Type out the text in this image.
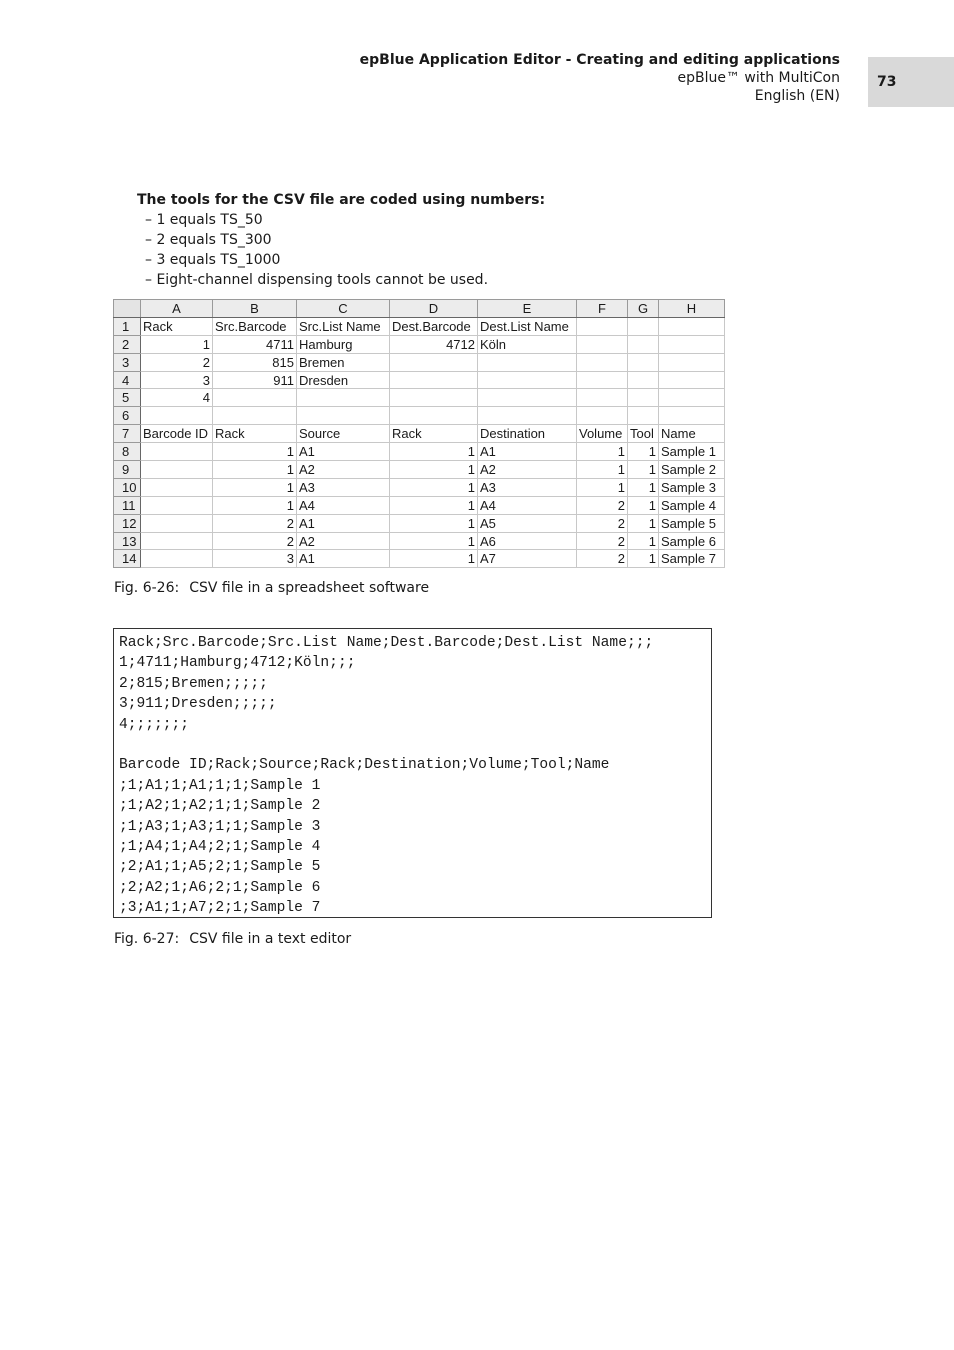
epBlue Application Editor - Creating and editing applications
epBlue™ with MultiCon
English (EN)
73
The tools for the CSV file are coded using numbers:
– 1 equals TS_50
– 2 equals TS_300
– 3 equals TS_1000
– Eight-channel dispensing tools cannot be used.
	A	B	C	D	E	F	G	H
1	Rack	Src.Barcode	Src.List Name	Dest.Barcode	Dest.List Name			
2	1	4711	Hamburg	4712	Köln			
3	2	815	Bremen					
4	3	911	Dresden					
5	4							
6								
7	Barcode ID	Rack	Source	Rack	Destination	Volume	Tool	Name
8		1	A1	1	A1	1	1	Sample 1
9		1	A2	1	A2	1	1	Sample 2
10		1	A3	1	A3	1	1	Sample 3
11		1	A4	1	A4	2	1	Sample 4
12		2	A1	1	A5	2	1	Sample 5
13		2	A2	1	A6	2	1	Sample 6
14		3	A1	1	A7	2	1	Sample 7
Fig. 6-26: CSV file in a spreadsheet software
Rack;Src.Barcode;Src.List Name;Dest.Barcode;Dest.List Name;;;
1;4711;Hamburg;4712;Köln;;;
2;815;Bremen;;;;;
3;911;Dresden;;;;;
4;;;;;;;
Barcode ID;Rack;Source;Rack;Destination;Volume;Tool;Name
;1;A1;1;A1;1;1;Sample 1
;1;A2;1;A2;1;1;Sample 2
;1;A3;1;A3;1;1;Sample 3
;1;A4;1;A4;2;1;Sample 4
;2;A1;1;A5;2;1;Sample 5
;2;A2;1;A6;2;1;Sample 6
;3;A1;1;A7;2;1;Sample 7
Fig. 6-27: CSV file in a text editor
